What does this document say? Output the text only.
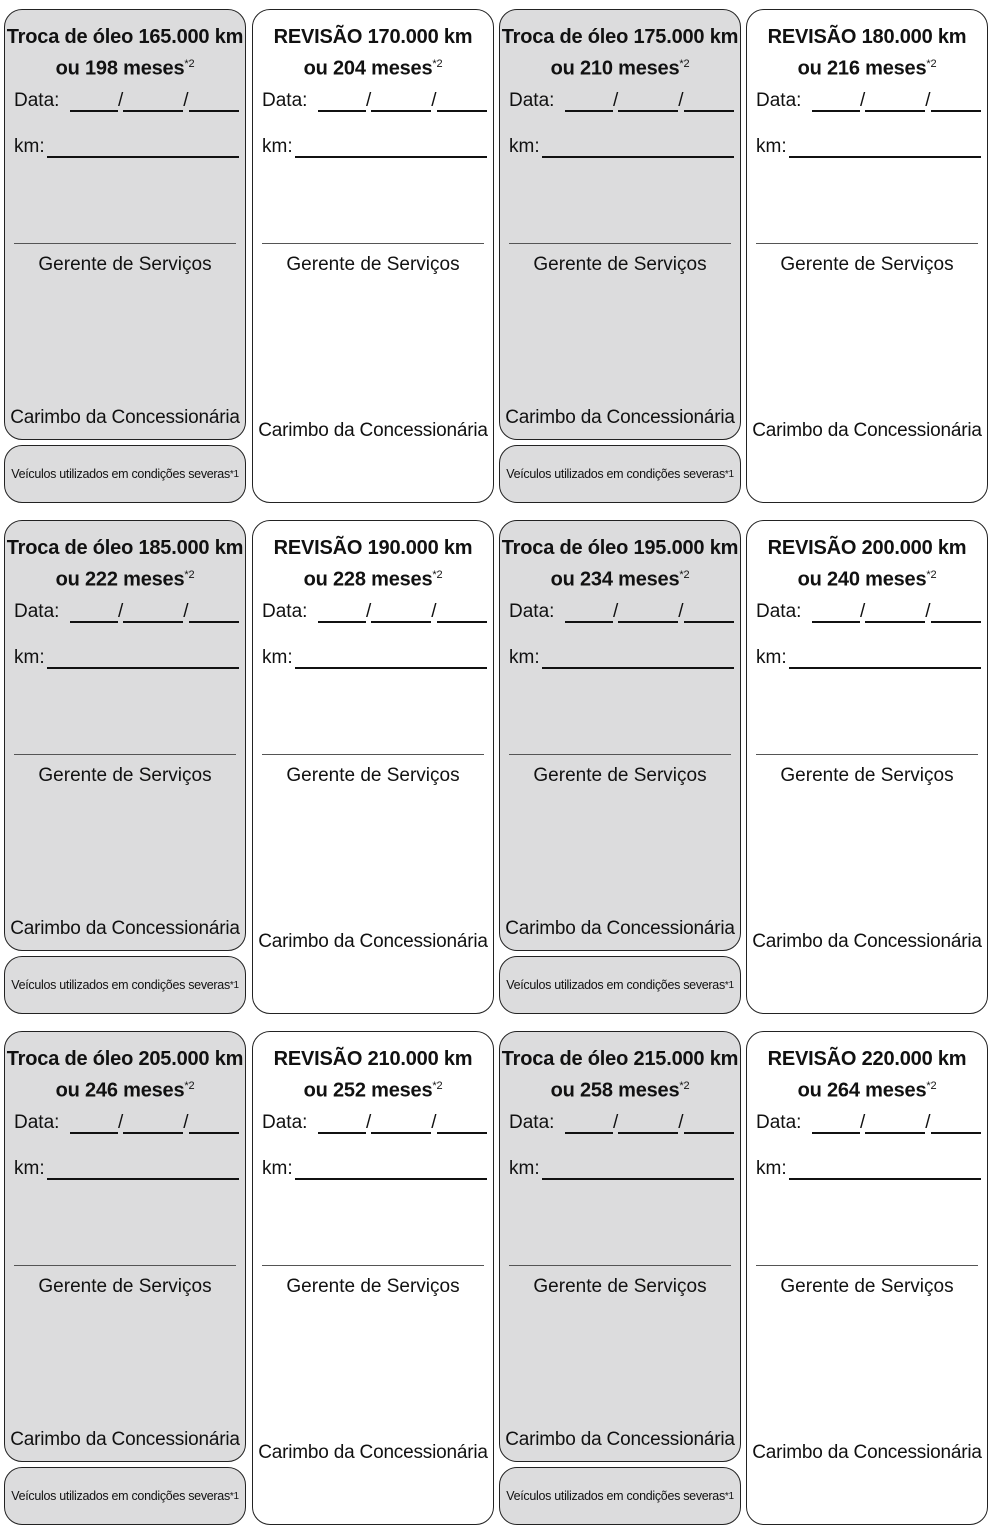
Troca de óleo 165.000 km
ou 198 meses$^{*2}$
Data:	/	/
km:
Gerente de Serviços
Carimbo da Concessionária
Veículos utilizados em condições severas *1
REVISÃO 170.000 km
ou 204 meses$^{*2}$
Data:	/	/
km:
Gerente de Serviços
Carimbo da Concessionária
Troca de óleo 175.000 km
ou 210 meses$^{*2}$
Data:	/	/
km:
Gerente de Serviços
Carimbo da Concessionária
Veículos utilizados em condições severas *1
REVISÃO 180.000 km
ou 216 meses$^{*2}$
Data:	/	/
km:
Gerente de Serviços
Carimbo da Concessionária
Troca de óleo 185.000 km
ou 222 meses$^{*2}$
Data:	/	/
km:
Gerente de Serviços
Carimbo da Concessionária
Veículos utilizados em condições severas *1
REVISÃO 190.000 km
ou 228 meses$^{*2}$
Data:	/	/
km:
Gerente de Serviços
Carimbo da Concessionária
Troca de óleo 195.000 km
ou 234 meses$^{*2}$
Data:	/	/
km:
Gerente de Serviços
Carimbo da Concessionária
Veículos utilizados em condições severas *1
REVISÃO 200.000 km
ou 240 meses$^{*2}$
Data:	/	/
km:
Gerente de Serviços
Carimbo da Concessionária
Troca de óleo 205.000 km
ou 246 meses$^{*2}$
Data:	/	/
km:
Gerente de Serviços
Carimbo da Concessionária
Veículos utilizados em condições severas *1
REVISÃO 210.000 km
ou 252 meses$^{*2}$
Data:	/	/
km:
Gerente de Serviços
Carimbo da Concessionária
Troca de óleo 215.000 km
ou 258 meses$^{*2}$
Data:	/	/
km:
Gerente de Serviços
Carimbo da Concessionária
Veículos utilizados em condições severas *1
REVISÃO 220.000 km
ou 264 meses$^{*2}$
Data:	/	/
km:
Gerente de Serviços
Carimbo da Concessionária
